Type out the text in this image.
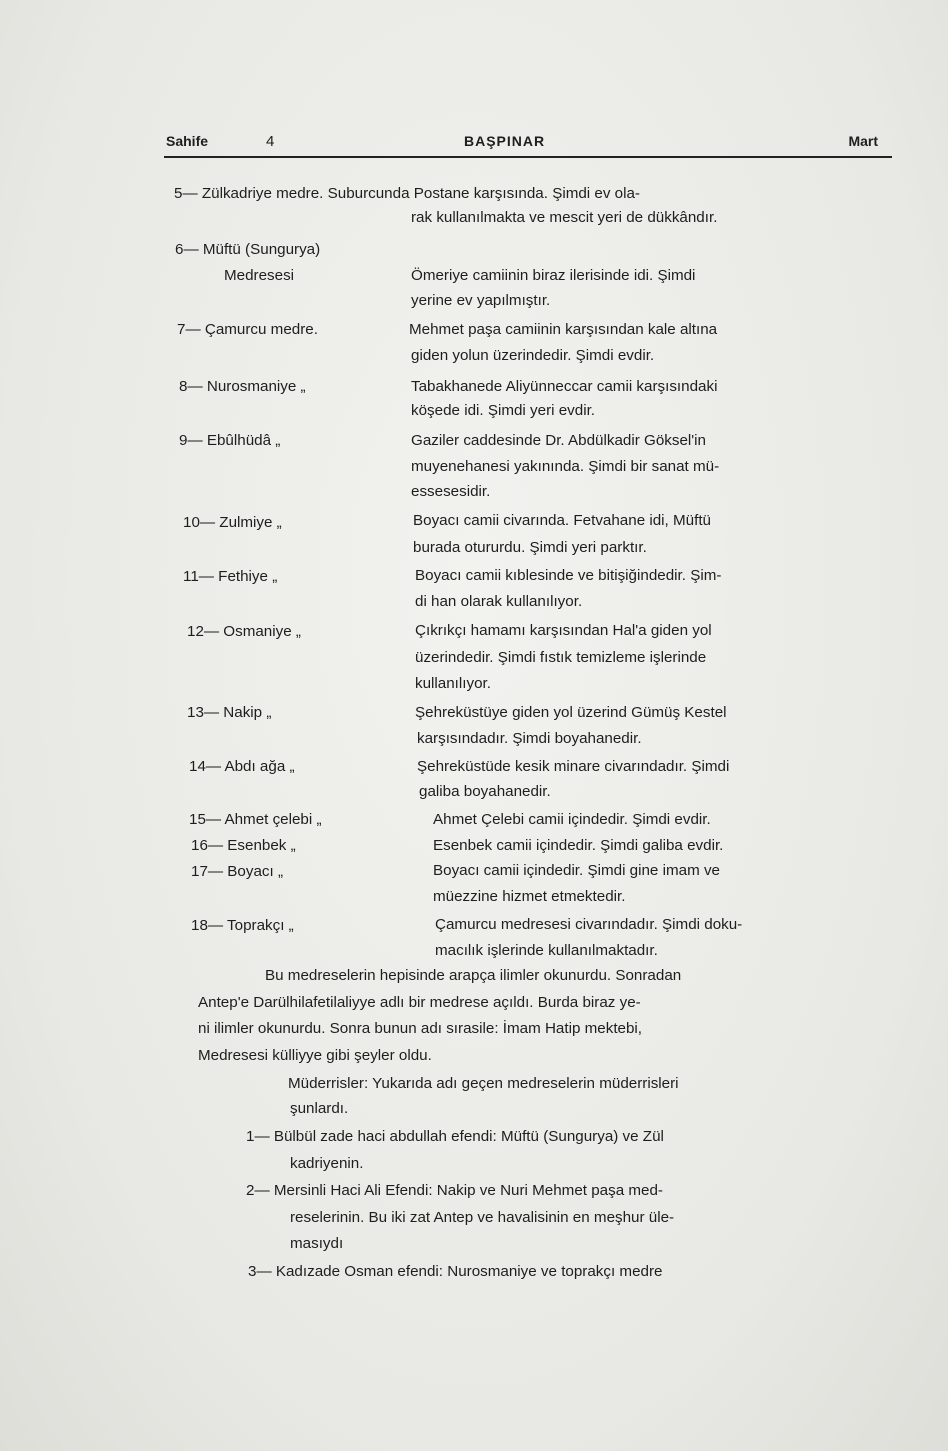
Sahife	4	BAŞPINAR	Mart
5— Zülkadriye medre. Suburcunda Postane karşısında. Şimdi ev ola-
rak kullanılmakta ve mescit yeri de dükkândır.
6— Müftü (Sungurya)
Medresesi	Ömeriye camiinin biraz ilerisinde idi. Şimdi
yerine ev yapılmıştır.
7— Çamurcu medre.	Mehmet paşa camiinin karşısından kale altına
giden yolun üzerindedir. Şimdi evdir.
8— Nurosmaniye „	Tabakhanede Aliyünneccar camii karşısındaki
köşede idi. Şimdi yeri evdir.
9— Ebûlhüdâ „	Gaziler caddesinde Dr. Abdülkadir Göksel'in
muyenehanesi yakınında. Şimdi bir sanat mü-
essesesidir.
10— Zulmiye „	Boyacı camii civarında. Fetvahane idi, Müftü
burada otururdu. Şimdi yeri parktır.
11— Fethiye „	Boyacı camii kıblesinde ve bitişiğindedir. Şim-
di han olarak kullanılıyor.
12— Osmaniye „	Çıkrıkçı hamamı karşısından Hal'a giden yol
üzerindedir. Şimdi fıstık temizleme işlerinde
kullanılıyor.
13— Nakip „	Şehreküstüye giden yol üzerind Gümüş Kestel
karşısındadır. Şimdi boyahanedir.
14— Abdı ağa „	Şehreküstüde kesik minare civarındadır. Şimdi
galiba boyahanedir.
15— Ahmet çelebi „	Ahmet Çelebi camii içindedir. Şimdi evdir.
16— Esenbek „	Esenbek camii içindedir. Şimdi galiba evdir.
17— Boyacı „	Boyacı camii içindedir. Şimdi gine imam ve
müezzine hizmet etmektedir.
18— Toprakçı „	Çamurcu medresesi civarındadır. Şimdi doku-
macılık işlerinde kullanılmaktadır.
Bu medreselerin hepisinde arapça ilimler okunurdu. Sonradan
Antep'e Darülhilafetilaliyye adlı bir medrese açıldı. Burda biraz ye-
ni ilimler okunurdu. Sonra bunun adı sırasile: İmam Hatip mektebi,
Medresesi külliyye gibi şeyler oldu.
Müderrisler: Yukarıda adı geçen medreselerin müderrisleri
şunlardı.
1— Bülbül zade haci abdullah efendi: Müftü (Sungurya) ve Zül
kadriyenin.
2— Mersinli Haci Ali Efendi: Nakip ve Nuri Mehmet paşa med-
reselerinin. Bu iki zat Antep ve havalisinin en meşhur üle-
masıydı
3— Kadızade Osman efendi: Nurosmaniye ve toprakçı medre
